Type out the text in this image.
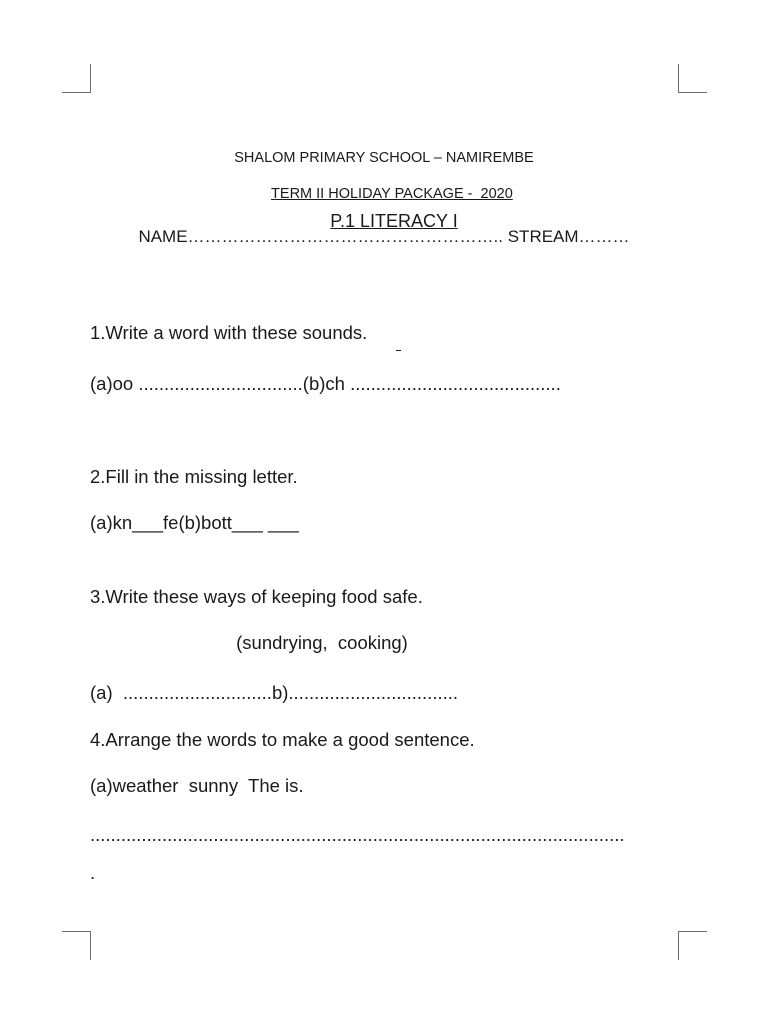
SHALOM PRIMARY SCHOOL – NAMIREMBE

TERM II HOLIDAY PACKAGE -  2020

P.1 LITERACY I

NAME……………………………………………….. STREAM………
1.Write a word with these sounds.
(a)oo ................................(b)ch .........................................
2.Fill in the missing letter.
(a)kn___fe(b)bott___ ___
3.Write these ways of keeping food safe.
(sundrying,  cooking)
(a)  .............................b).................................
4.Arrange the words to make a good sentence.
(a)weather  sunny  The is.
........................................................................................................
.
